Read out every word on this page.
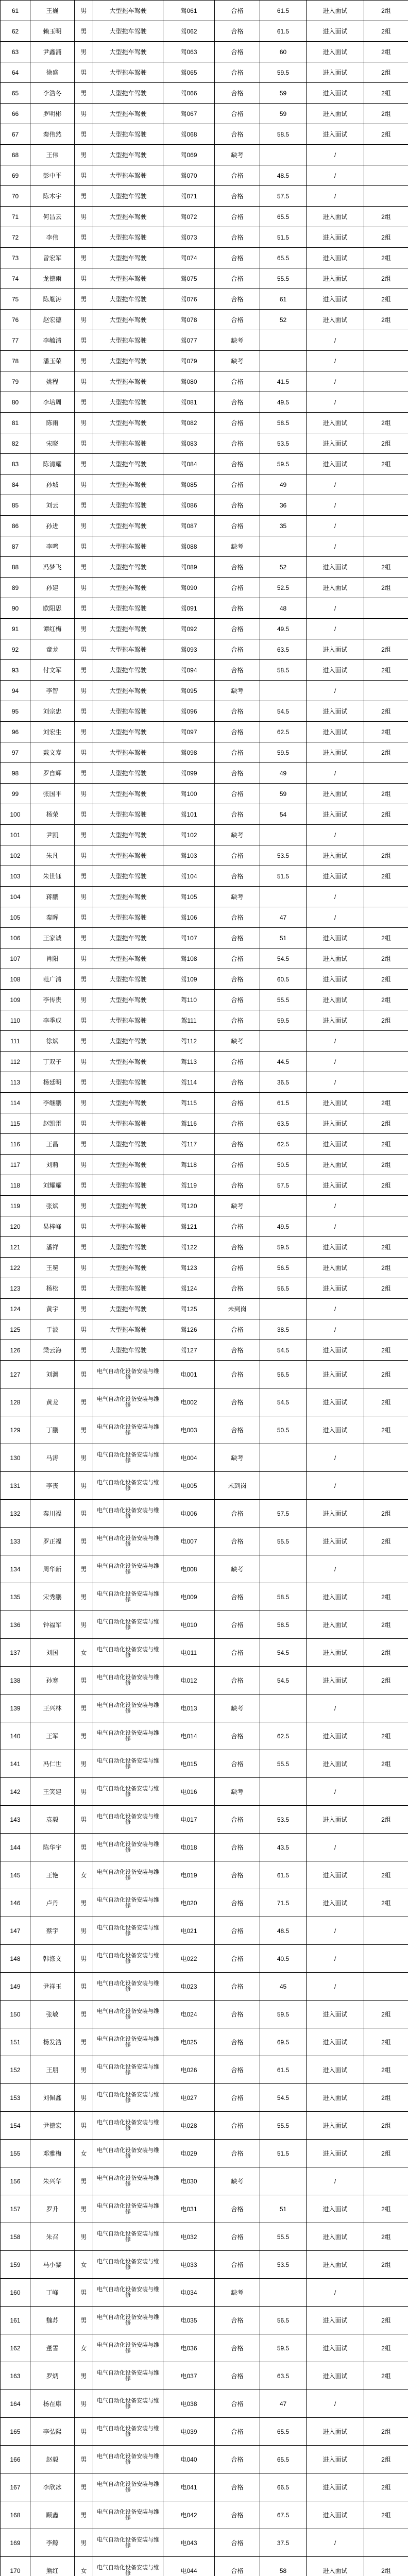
61	王巍	男	大型拖车驾驶	驾061	合格	61.5	进入面试	2组
62	赖玉明	男	大型拖车驾驶	驾062	合格	61.5	进入面试	2组
63	尹鑫浦	男	大型拖车驾驶	驾063	合格	60	进入面试	2组
64	徐盛	男	大型拖车驾驶	驾065	合格	59.5	进入面试	2组
65	李浩冬	男	大型拖车驾驶	驾066	合格	59	进入面试	2组
66	罗明彬	男	大型拖车驾驶	驾067	合格	59	进入面试	2组
67	秦伟然	男	大型拖车驾驶	驾068	合格	58.5	进入面试	2组
68	王伟	男	大型拖车驾驶	驾069	缺考		/	
69	彭中平	男	大型拖车驾驶	驾070	合格	48.5	/	
70	陈木宇	男	大型拖车驾驶	驾071	合格	57.5	/	
71	何昌云	男	大型拖车驾驶	驾072	合格	65.5	进入面试	2组
72	李伟	男	大型拖车驾驶	驾073	合格	51.5	进入面试	2组
73	曾宏军	男	大型拖车驾驶	驾074	合格	65.5	进入面试	2组
74	龙德雨	男	大型拖车驾驶	驾075	合格	55.5	进入面试	2组
75	陈胤涛	男	大型拖车驾驶	驾076	合格	61	进入面试	2组
76	赵宏德	男	大型拖车驾驶	驾078	合格	52	进入面试	2组
77	李毓清	男	大型拖车驾驶	驾077	缺考		/	
78	潘玉荣	男	大型拖车驾驶	驾079	缺考		/	
79	姚程	男	大型拖车驾驶	驾080	合格	41.5	/	
80	李培周	男	大型拖车驾驶	驾081	合格	49.5	/	
81	陈雨	男	大型拖车驾驶	驾082	合格	58.5	进入面试	2组
82	宋晓	男	大型拖车驾驶	驾083	合格	53.5	进入面试	2组
83	陈清耀	男	大型拖车驾驶	驾084	合格	59.5	进入面试	2组
84	孙城	男	大型拖车驾驶	驾085	合格	49	/	
85	刘云	男	大型拖车驾驶	驾086	合格	36	/	
86	孙进	男	大型拖车驾驶	驾087	合格	35	/	
87	李鸣	男	大型拖车驾驶	驾088	缺考		/	
88	冯梦飞	男	大型拖车驾驶	驾089	合格	52	进入面试	2组
89	孙建	男	大型拖车驾驶	驾090	合格	52.5	进入面试	2组
90	欧阳思	男	大型拖车驾驶	驾091	合格	48	/	
91	谭红梅	男	大型拖车驾驶	驾092	合格	49.5	/	
92	童龙	男	大型拖车驾驶	驾093	合格	63.5	进入面试	2组
93	付文军	男	大型拖车驾驶	驾094	合格	58.5	进入面试	2组
94	李智	男	大型拖车驾驶	驾095	缺考		/	
95	刘宗忠	男	大型拖车驾驶	驾096	合格	54.5	进入面试	2组
96	刘宏生	男	大型拖车驾驶	驾097	合格	62.5	进入面试	2组
97	戴文寿	男	大型拖车驾驶	驾098	合格	59.5	进入面试	2组
98	罗自辉	男	大型拖车驾驶	驾099	合格	49	/	
99	张国平	男	大型拖车驾驶	驾100	合格	59	进入面试	2组
100	杨荣	男	大型拖车驾驶	驾101	合格	54	进入面试	2组
101	尹凯	男	大型拖车驾驶	驾102	缺考		/	
102	朱凡	男	大型拖车驾驶	驾103	合格	53.5	进入面试	2组
103	朱世钰	男	大型拖车驾驶	驾104	合格	51.5	进入面试	2组
104	蒋鹏	男	大型拖车驾驶	驾105	缺考		/	
105	秦晖	男	大型拖车驾驶	驾106	合格	47	/	
106	王家诚	男	大型拖车驾驶	驾107	合格	51	进入面试	2组
107	肖阳	男	大型拖车驾驶	驾108	合格	54.5	进入面试	2组
108	范广清	男	大型拖车驾驶	驾109	合格	60.5	进入面试	2组
109	李传贵	男	大型拖车驾驶	驾110	合格	55.5	进入面试	2组
110	李季成	男	大型拖车驾驶	驾111	合格	59.5	进入面试	2组
111	徐斌	男	大型拖车驾驶	驾112	缺考		/	
112	丁双子	男	大型拖车驾驶	驾113	合格	44.5	/	
113	杨廷明	男	大型拖车驾驶	驾114	合格	36.5	/	
114	李继鹏	男	大型拖车驾驶	驾115	合格	61.5	进入面试	2组
115	赵凯雷	男	大型拖车驾驶	驾116	合格	63.5	进入面试	2组
116	王昌	男	大型拖车驾驶	驾117	合格	62.5	进入面试	2组
117	刘莉	男	大型拖车驾驶	驾118	合格	50.5	进入面试	2组
118	刘耀耀	男	大型拖车驾驶	驾119	合格	57.5	进入面试	2组
119	张斌	男	大型拖车驾驶	驾120	缺考		/	
120	易梓峰	男	大型拖车驾驶	驾121	合格	49.5	/	
121	潘祥	男	大型拖车驾驶	驾122	合格	59.5	进入面试	2组
122	王冕	男	大型拖车驾驶	驾123	合格	56.5	进入面试	2组
123	杨松	男	大型拖车驾驶	驾124	合格	56.5	进入面试	2组
124	黄宇	男	大型拖车驾驶	驾125	未到岗		/	
125	于波	男	大型拖车驾驶	驾126	合格	38.5	/	
126	梁云海	男	大型拖车驾驶	驾127	合格	54.5	进入面试	2组
127	刘渊	男	电气自动化设备安装与维修	电001	合格	56.5	进入面试	2组
128	黄龙	男	电气自动化设备安装与维修	电002	合格	54.5	进入面试	2组
129	丁鹏	男	电气自动化设备安装与维修	电003	合格	50.5	进入面试	2组
130	马涛	男	电气自动化设备安装与维修	电004	缺考		/	
131	李丧	男	电气自动化设备安装与维修	电005	未到岗		/	
132	秦川福	男	电气自动化设备安装与维修	电006	合格	57.5	进入面试	2组
133	罗正福	男	电气自动化设备安装与维修	电007	合格	55.5	进入面试	2组
134	周华新	男	电气自动化设备安装与维修	电008	缺考		/	
135	宋秀鹏	男	电气自动化设备安装与维修	电009	合格	58.5	进入面试	2组
136	钟福军	男	电气自动化设备安装与维修	电010	合格	58.5	进入面试	2组
137	刘国	女	电气自动化设备安装与维修	电011	合格	54.5	进入面试	2组
138	孙寒	男	电气自动化设备安装与维修	电012	合格	54.5	进入面试	2组
139	王兴林	男	电气自动化设备安装与维修	电013	缺考		/	
140	王军	男	电气自动化设备安装与维修	电014	合格	62.5	进入面试	2组
141	冯仁世	男	电气自动化设备安装与维修	电015	合格	55.5	进入面试	2组
142	王笑建	男	电气自动化设备安装与维修	电016	缺考		/	
143	袁毅	男	电气自动化设备安装与维修	电017	合格	53.5	进入面试	2组
144	陈华宇	男	电气自动化设备安装与维修	电018	合格	43.5	/	
145	王艳	女	电气自动化设备安装与维修	电019	合格	61.5	进入面试	2组
146	卢丹	男	电气自动化设备安装与维修	电020	合格	71.5	进入面试	2组
147	蔡宇	男	电气自动化设备安装与维修	电021	合格	48.5	/	
148	韩涤文	男	电气自动化设备安装与维修	电022	合格	40.5	/	
149	尹祥玉	男	电气自动化设备安装与维修	电023	合格	45	/	
150	张敏	男	电气自动化设备安装与维修	电024	合格	59.5	进入面试	2组
151	杨发浩	男	电气自动化设备安装与维修	电025	合格	69.5	进入面试	2组
152	王朋	男	电气自动化设备安装与维修	电026	合格	61.5	进入面试	2组
153	刘佩鑫	男	电气自动化设备安装与维修	电027	合格	54.5	进入面试	2组
154	尹德宏	男	电气自动化设备安装与维修	电028	合格	55.5	进入面试	2组
155	邓雅梅	女	电气自动化设备安装与维修	电029	合格	51.5	进入面试	2组
156	朱兴华	男	电气自动化设备安装与维修	电030	缺考		/	
157	罗升	男	电气自动化设备安装与维修	电031	合格	51	进入面试	2组
158	朱召	男	电气自动化设备安装与维修	电032	合格	55.5	进入面试	2组
159	马小黎	女	电气自动化设备安装与维修	电033	合格	53.5	进入面试	2组
160	丁峰	男	电气自动化设备安装与维修	电034	缺考		/	
161	魏苏	男	电气自动化设备安装与维修	电035	合格	56.5	进入面试	2组
162	董雪	女	电气自动化设备安装与维修	电036	合格	59.5	进入面试	2组
163	罗炳	男	电气自动化设备安装与维修	电037	合格	63.5	进入面试	2组
164	杨在康	男	电气自动化设备安装与维修	电038	合格	47	/	
165	李弘熙	男	电气自动化设备安装与维修	电039	合格	65.5	进入面试	2组
166	赵毅	男	电气自动化设备安装与维修	电040	合格	65.5	进入面试	2组
167	李欣冰	男	电气自动化设备安装与维修	电041	合格	66.5	进入面试	2组
168	顾鑫	男	电气自动化设备安装与维修	电042	合格	67.5	进入面试	2组
169	李鲸	男	电气自动化设备安装与维修	电043	合格	37.5	/	
170	熊红	女	电气自动化设备安装与维修	电044	合格	58	进入面试	2组
